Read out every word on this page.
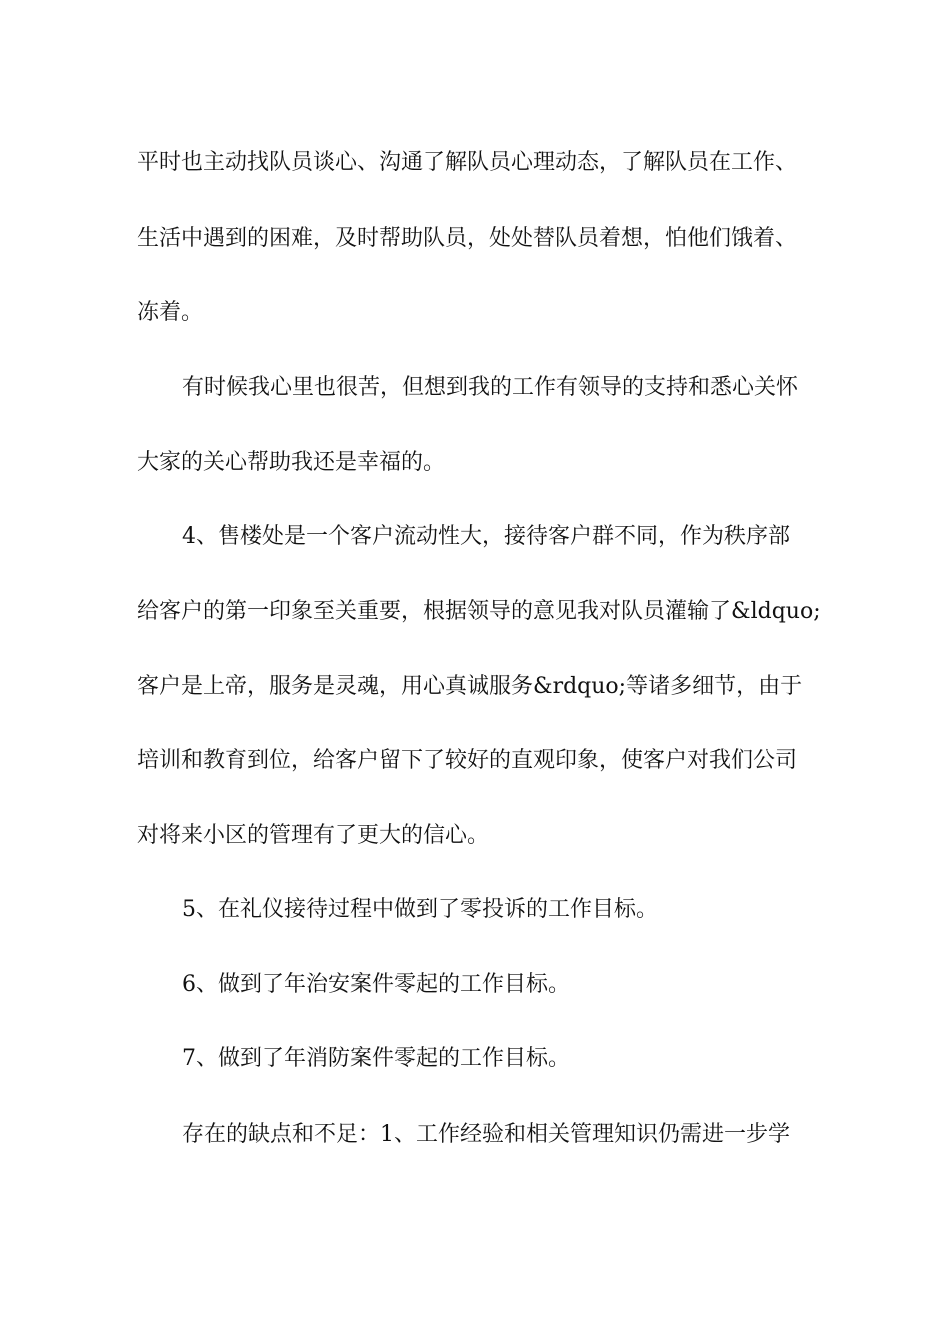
平时也主动找队员谈心、沟通了解队员心理动态，了解队员在工作、
生活中遇到的困难，及时帮助队员，处处替队员着想，怕他们饿着、
冻着。
有时候我心里也很苦，但想到我的工作有领导的支持和悉心关怀
大家的关心帮助我还是幸福的。
4、售楼处是一个客户流动性大，接待客户群不同，作为秩序部
给客户的第一印象至关重要，根据领导的意见我对队员灌输了&ldquo;
客户是上帝，服务是灵魂，用心真诚服务&rdquo;等诸多细节，由于
培训和教育到位，给客户留下了较好的直观印象，使客户对我们公司
对将来小区的管理有了更大的信心。
5、在礼仪接待过程中做到了零投诉的工作目标。
6、做到了年治安案件零起的工作目标。
7、做到了年消防案件零起的工作目标。
存在的缺点和不足：1、工作经验和相关管理知识仍需进一步学
